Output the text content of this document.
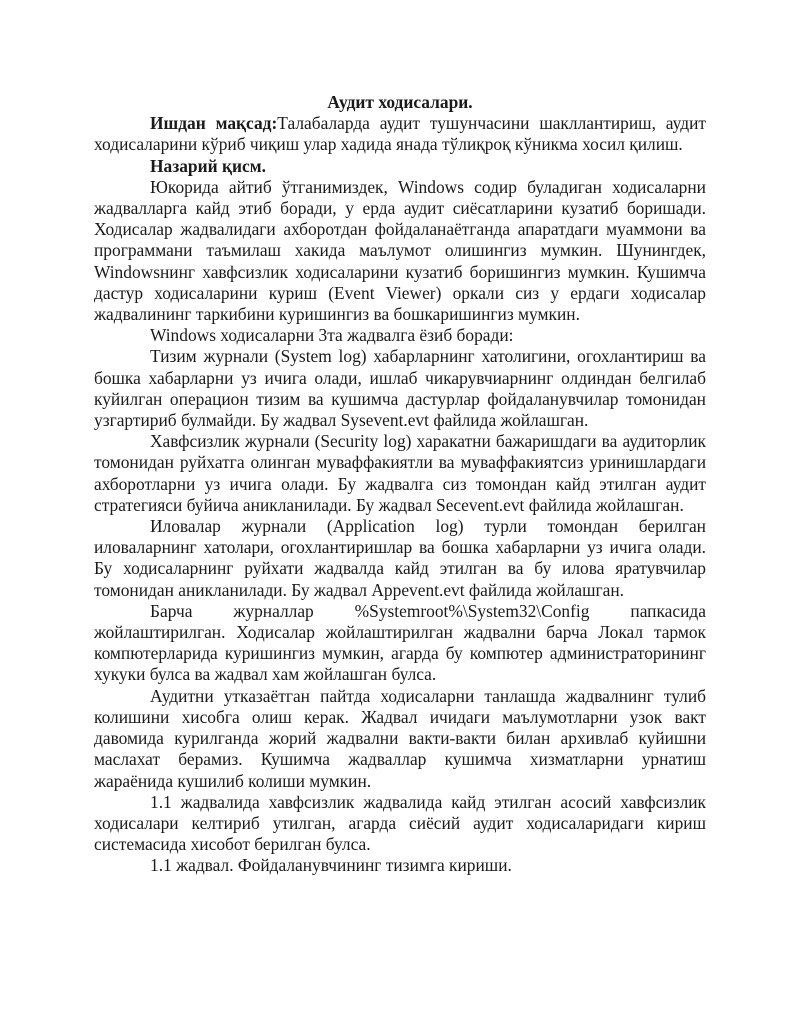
Аудит ходисалари.

Ишдан мақсад:Талабаларда аудит тушунчасини шакллантириш, аудит ходисаларини кўриб чиқиш улар хадида янада тўлиқроқ кўникма хосил қилиш.

Назарий қисм.

Юкорида айтиб ўтганимиздек, Windows содир буладиган ходисаларни жадвалларга кайд этиб боради, у ерда аудит сиёсатларини кузатиб боришади. Ходисалар жадвалидаги ахборотдан фойдаланаётганда апаратдаги муаммони ва программани таъмилаш хакида маълумот олишингиз мумкин. Шунингдек, Windowsнинг хавфсизлик ходисаларини кузатиб боришингиз мумкин. Кушимча дастур ходисаларини куриш (Event Viewer) оркали сиз у ердаги ходисалар жадвалининг таркибини куришингиз ва бошкаришингиз мумкин.

Windows ходисаларни 3та жадвалга ёзиб боради:

Тизим журнали (System log) хабарларнинг хатолигини, огохлантириш ва бошка хабарларни уз ичига олади, ишлаб чикарувчиарнинг олдиндан белгилаб куйилган операцион тизим ва кушимча дастурлар фойдаланувчилар томонидан узгартириб булмайди. Бу жадвал Sysevent.evt файлида жойлашган.

Хавфсизлик журнали (Security log) харакатни бажаришдаги ва аудиторлик томонидан руйхатга олинган муваффакиятли ва муваффакиятсиз уринишлардаги ахборотларни уз ичига олади. Бу жадвалга сиз томондан кайд этилган аудит стратегияси буйича аникланилади. Бу жадвал Secevent.evt файлида жойлашган.

Иловалар журнали (Application log) турли томондан берилган иловаларнинг хатолари, огохлантиришлар ва бошка хабарларни уз ичига олади. Бу ходисаларнинг руйхати жадвалда кайд этилган ва бу илова яратувчилар томонидан аникланилади. Бу жадвал Appevent.evt файлида жойлашган.

Барча журналлар %Systemroot%\System32\Config папкасида жойлаштирилган. Ходисалар жойлаштирилган жадвални барча Локал тармок компютерларида куришингиз мумкин, агарда бу компютер администраторининг хукуки булса ва жадвал хам жойлашган булса.

Аудитни утказаётган пайтда ходисаларни танлашда жадвалнинг тулиб колишини хисобга олиш керак. Жадвал ичидаги маълумотларни узок вакт давомида курилганда жорий жадвални вакти-вакти билан архивлаб куйишни маслахат берамиз. Кушимча жадваллар кушимча хизматларни урнатиш жараёнида кушилиб колиши мумкин.

1.1 жадвалида хавфсизлик жадвалида кайд этилган асосий хавфсизлик ходисалари келтириб утилган, агарда сиёсий аудит ходисаларидаги кириш системасида хисобот берилган булса.

1.1 жадвал. Фойдаланувчининг тизимга кириши.
